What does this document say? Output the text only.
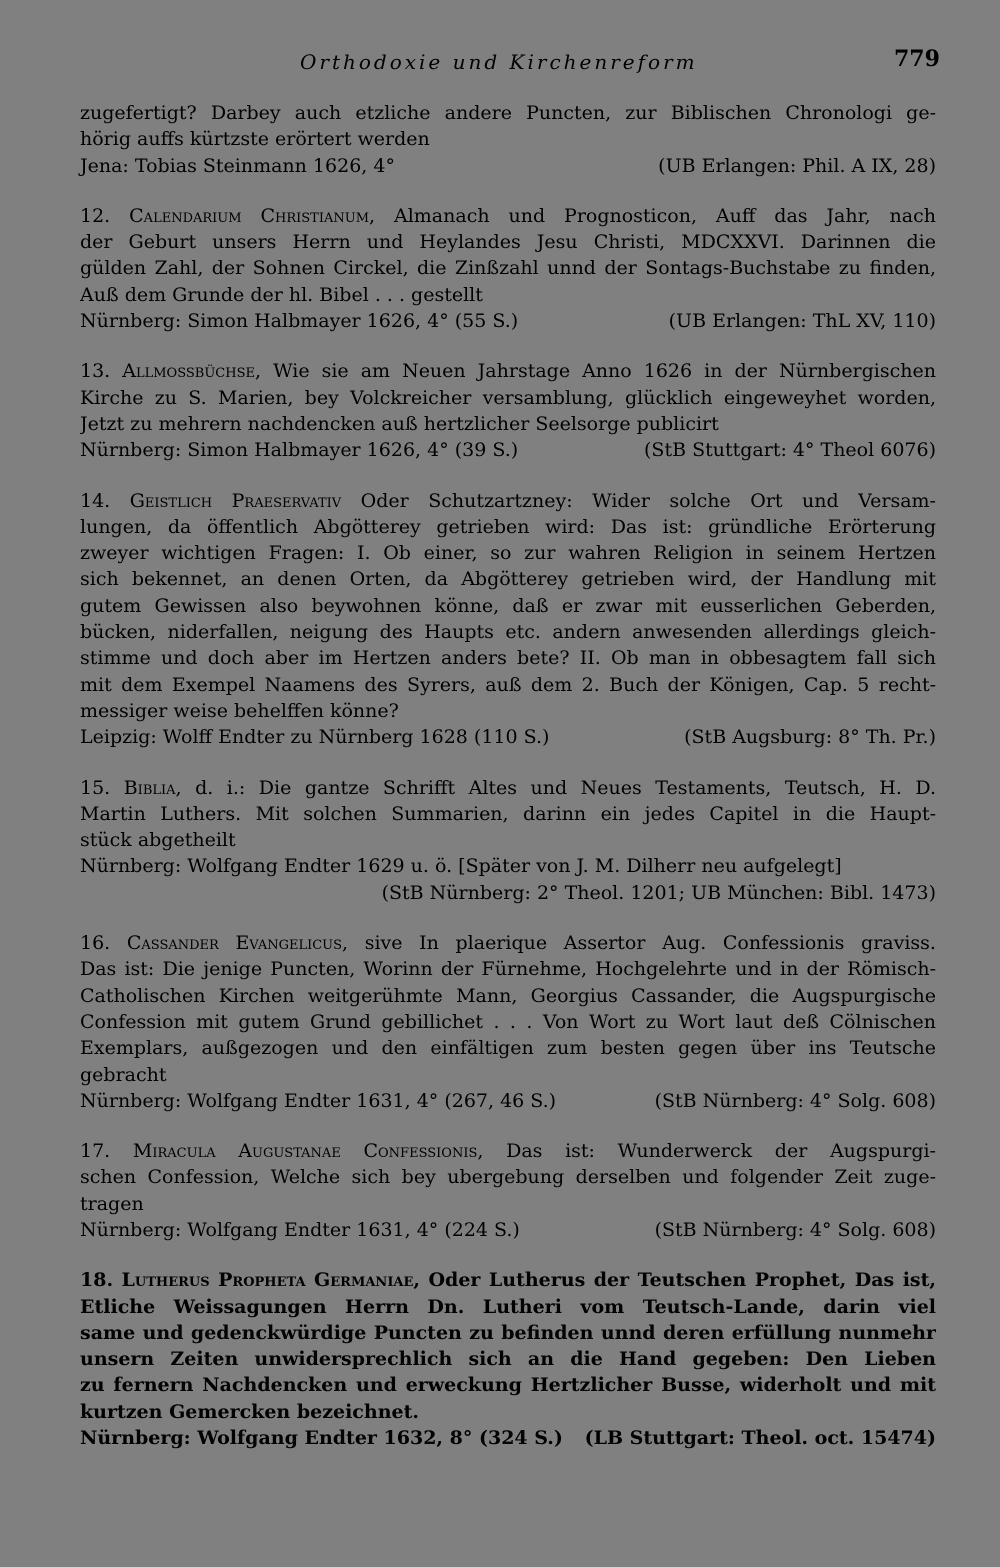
Orthodoxie und Kirchenreform	779
zugefertigt? Darbey auch etzliche andere Puncten, zur Biblischen Chronologi ge-
hörig auffs kürtzste erörtert werden
Jena: Tobias Steinmann 1626, 4°	(UB Erlangen: Phil. A IX, 28)
12. Calendarium Christianum, Almanach und Prognosticon, Auff das Jahr, nach
der Geburt unsers Herrn und Heylandes Jesu Christi, MDCXXVI. Darinnen die
gülden Zahl, der Sohnen Circkel, die Zinßzahl unnd der Sontags-Buchstabe zu finden,
Auß dem Grunde der hl. Bibel . . . gestellt
Nürnberg: Simon Halbmayer 1626, 4° (55 S.)	(UB Erlangen: ThL XV, 110)
13. Allmossbüchse, Wie sie am Neuen Jahrstage Anno 1626 in der Nürnbergischen
Kirche zu S. Marien, bey Volckreicher versamblung, glücklich eingeweyhet worden,
Jetzt zu mehrern nachdencken auß hertzlicher Seelsorge publicirt
Nürnberg: Simon Halbmayer 1626, 4° (39 S.)	(StB Stuttgart: 4° Theol 6076)
14. Geistlich Praeservativ Oder Schutzartzney: Wider solche Ort und Versam-
lungen, da öffentlich Abgötterey getrieben wird: Das ist: gründliche Erörterung
zweyer wichtigen Fragen: I. Ob einer, so zur wahren Religion in seinem Hertzen
sich bekennet, an denen Orten, da Abgötterey getrieben wird, der Handlung mit
gutem Gewissen also beywohnen könne, daß er zwar mit eusserlichen Geberden,
bücken, niderfallen, neigung des Haupts etc. andern anwesenden allerdings gleich-
stimme und doch aber im Hertzen anders bete? II. Ob man in obbesagtem fall sich
mit dem Exempel Naamens des Syrers, auß dem 2. Buch der Königen, Cap. 5 recht-
messiger weise behelffen könne?
Leipzig: Wolff Endter zu Nürnberg 1628 (110 S.)	(StB Augsburg: 8° Th. Pr.)
15. Biblia, d. i.: Die gantze Schrifft Altes und Neues Testaments, Teutsch, H. D.
Martin Luthers. Mit solchen Summarien, darinn ein jedes Capitel in die Haupt-
stück abgetheilt
Nürnberg: Wolfgang Endter 1629 u. ö. [Später von J. M. Dilherr neu aufgelegt]
(StB Nürnberg: 2° Theol. 1201; UB München: Bibl. 1473)
16. Cassander Evangelicus, sive In plaerique Assertor Aug. Confessionis graviss.
Das ist: Die jenige Puncten, Worinn der Fürnehme, Hochgelehrte und in der Römisch-
Catholischen Kirchen weitgerühmte Mann, Georgius Cassander, die Augspurgische
Confession mit gutem Grund gebillichet . . . Von Wort zu Wort laut deß Cölnischen
Exemplars, außgezogen und den einfältigen zum besten gegen über ins Teutsche
gebracht
Nürnberg: Wolfgang Endter 1631, 4° (267, 46 S.)	(StB Nürnberg: 4° Solg. 608)
17. Miracula Augustanae Confessionis, Das ist: Wunderwerck der Augspurgi-
schen Confession, Welche sich bey ubergebung derselben und folgender Zeit zuge-
tragen
Nürnberg: Wolfgang Endter 1631, 4° (224 S.)	(StB Nürnberg: 4° Solg. 608)
18. Lutherus Propheta Germaniae, Oder Lutherus der Teutschen Prophet, Das ist,
Etliche Weissagungen Herrn Dn. Lutheri vom Teutsch-Lande, darin viel
same und gedenckwürdige Puncten zu befinden unnd deren erfüllung nunmehr
unsern Zeiten unwidersprechlich sich an die Hand gegeben: Den Lieben
zu fernern Nachdencken und erweckung Hertzlicher Busse, widerholt und mit
kurtzen Gemercken bezeichnet.
Nürnberg: Wolfgang Endter 1632, 8° (324 S.) (LB Stuttgart: Theol. oct. 15474)
